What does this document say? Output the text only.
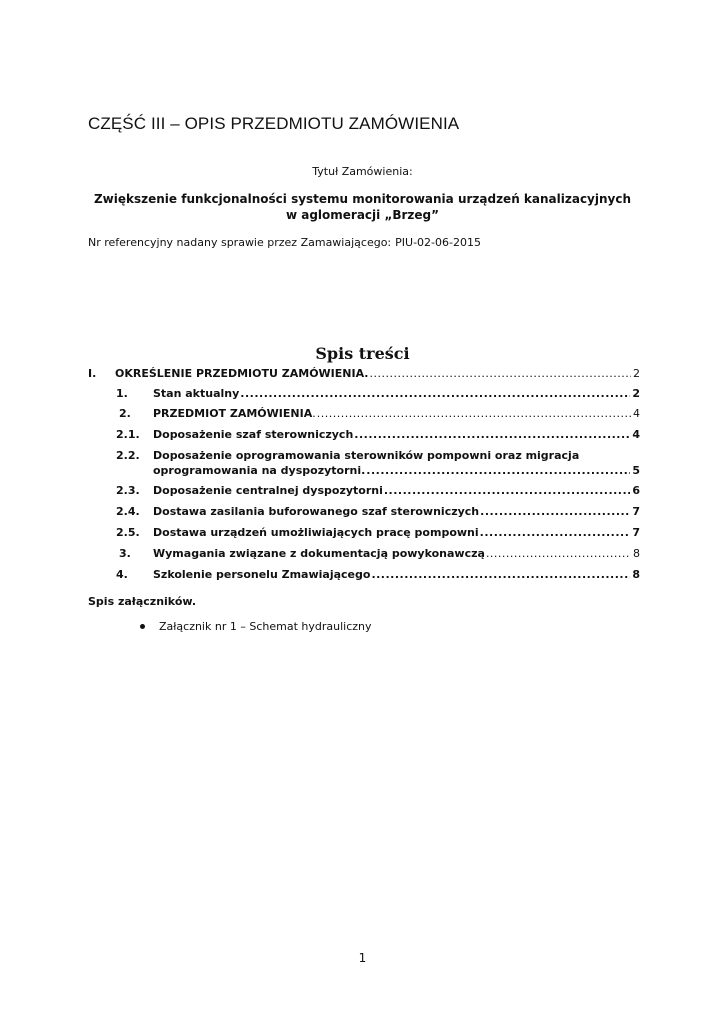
CZĘŚĆ III – OPIS PRZEDMIOTU ZAMÓWIENIA
Tytuł Zamówienia:
Zwiększenie funkcjonalności systemu monitorowania urządzeń kanalizacyjnych
w aglomeracji „Brzeg”
Nr referencyjny nadany sprawie przez Zamawiającego: PIU-02-06-2015
Spis treści
I.	OKREŚLENIE PRZEDMIOTU ZAMÓWIENIA. .....	2
1.	Stan aktualny .....	2
2.	PRZEDMIOT ZAMÓWIENIA. .....	4
2.1.	Doposażenie szaf sterowniczych .....	4
2.2.	Doposażenie oprogramowania sterowników pompowni oraz migracja
oprogramowania na dyspozytorni. .....	5
2.3.	Doposażenie centralnej dyspozytorni .....	6
2.4.	Dostawa zasilania buforowanego szaf sterowniczych .....	7
2.5.	Dostawa urządzeń umożliwiających pracę pompowni .....	7
3.	Wymagania związane z dokumentacją powykonawczą .....	8
4.	Szkolenie personelu Zmawiającego .....	8
Spis załączników.
Załącznik nr 1 – Schemat hydrauliczny
1
